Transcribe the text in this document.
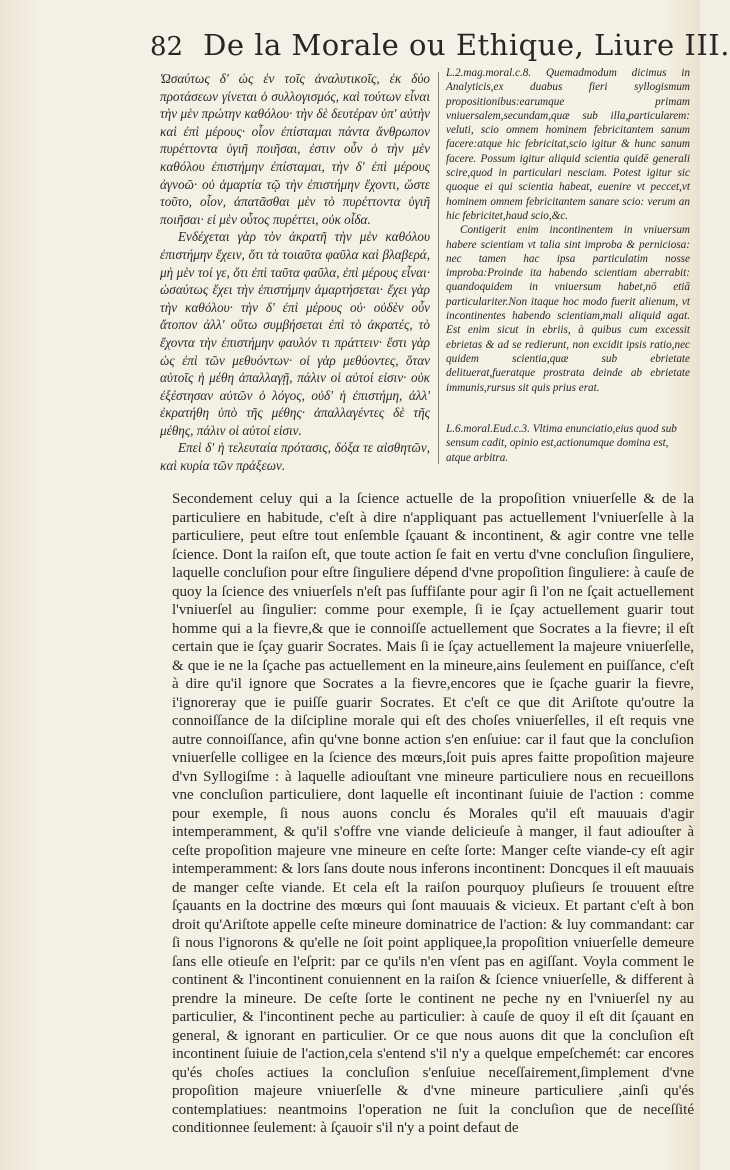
82 De la Morale ou Ethique, Liure III.

Ὡσαύτως δ' ὡς ἐν τοῖς ἀναλυτικοῖς, ἐκ δύο προτάσεων γίνεται ὁ συλλογισμός, καὶ τούτων εἶναι τὴν μὲν πρώτην καθόλου· τὴν δὲ δευτέραν ὑπ' αὐτὴν καὶ ἐπὶ μέρους· οἷον ἐπίσταμαι πάντα ἄνθρωπον πυρέττοντα ὑγιῆ ποιῆσαι, ἐστιν οὖν ὁ τὴν μὲν καθόλου ἐπιστήμην ἐπίσταμαι, τὴν δ' ἐπὶ μέρους ἀγνοῶ· οὐ ἁμαρτία τῷ τὴν ἐπιστήμην ἔχοντι, ὥστε τοῦτο, οἷον, ἀπατᾶσθαι μὲν τὸ πυρέττοντα ὑγιῆ ποιῆσαι· εἰ μὲν οὗτος πυρέττει, οὐκ οἶδα.

Ενδέχεται γὰρ τὸν ἀκρατῆ τὴν μὲν καθόλου ἐπιστήμην ἔχειν, ὅτι τὰ τοιαῦτα φαῦλα καὶ βλαβερά, μὴ μὲν τοί γε, ὅτι ἐπὶ ταῦτα φαῦλα, ἐπὶ μέρους εἶναι· ὡσαύτως ἔχει τὴν ἐπιστήμην ἁμαρτήσεται· ἔχει γὰρ τὴν καθόλου· τὴν δ' ἐπὶ μέρους οὐ· οὐδὲν οὖν ἄτοπον ἀλλ' οὕτω συμβήσεται ἐπὶ τὸ ἀκρατές, τὸ ἔχοντα τὴν ἐπιστήμην φαυλόν τι πράττειν· ἔστι γὰρ ὡς ἐπὶ τῶν μεθυόντων· οἱ γὰρ μεθύοντες, ὅταν αὐτοῖς ἡ μέθη ἀπαλλαγῇ, πάλιν οἱ αὐτοί εἰσιν· οὐκ ἐξέστησαν αὐτῶν ὁ λόγος, οὐδ' ἡ ἐπιστήμη, ἀλλ' ἐκρατήθη ὑπὸ τῆς μέθης· ἀπαλλαγέντες δὲ τῆς μέθης, πάλιν οἱ αὐτοί εἰσιν.

Επεὶ δ' ἡ τελευταία πρότασις, δόξα τε αἰσθητῶν, καὶ κυρία τῶν πράξεων.

L.2.mag.moral.c.8. Quemadmodum dicimus in Analyticis,ex duabus fieri syllogismum propositionibus:earumque primam vniuersalem,secundam,quæ sub illa,particularem: veluti, scio omnem hominem febricitantem sanum facere:atque hic febricitat,scio igitur & hunc sanum facere. Possum igitur aliquid scientia quidē generali scire,quod in particulari nesciam. Potest igitur sic quoque ei qui scientia habeat, euenire vt peccet,vt hominem omnem febricitantem sanare scio: verum an hic febricitet,haud scio,&c.

Contigerit enim incontinentem in vniuersum habere scientiam vt talia sint improba & perniciosa: nec tamen hac ipsa particulatim nosse improba:Proinde ita habendo scientiam aberrabit: quandoquidem in vniuersum habet,nō etiā particulariter.Non itaque hoc modo fuerit alienum, vt incontinentes habendo scientiam,mali aliquid agat. Est enim sicut in ebriis, à quibus cum excessit ebrietas & ad se redierunt, non excidit ipsis ratio,nec quidem scientia,quæ sub ebrietate delituerat,fueratque prostrata deinde ab ebrietate immunis,rursus sit quis prius erat.

L.6.moral.Eud.c.3. Vltima enunciatio,eius quod sub sensum cadit, opinio est,actionumque domina est, atque arbitra.

Secondement celuy qui a la ſcience actuelle de la propoſition vniuerſelle & de la particuliere en habitude, c'eſt à dire n'appliquant pas actuellement l'vniuerſelle à la particuliere, peut eſtre tout enſemble ſçauant & incontinent, & agir contre vne telle ſcience. Dont la raiſon eſt, que toute action ſe fait en vertu d'vne concluſion ſinguliere, laquelle concluſion pour eſtre ſinguliere dépend d'vne propoſition ſinguliere: à cauſe de quoy la ſcience des vniuerſels n'eſt pas ſuffiſante pour agir ſi l'on ne ſçait actuellement l'vniuerſel au ſingulier: comme pour exemple, ſi ie ſçay actuellement guarir tout homme qui a la fievre,& que ie connoiſſe actuellement que Socrates a la fievre; il eſt certain que ie ſçay guarir Socrates. Mais ſi ie ſçay actuellement la majeure vniuerſelle, & que ie ne la ſçache pas actuellement en la mineure,ains ſeulement en puiſſance, c'eſt à dire qu'il ignore que Socrates a la fievre,encores que ie ſçache guarir la fievre, i'ignoreray que ie puiſſe guarir Socrates. Et c'eſt ce que dit Ariſtote qu'outre la connoiſſance de la diſcipline morale qui eſt des choſes vniuerſelles, il eſt requis vne autre connoiſſance, afin qu'vne bonne action s'en enſuiue: car il faut que la concluſion vniuerſelle colligee en la ſcience des mœurs,ſoit puis apres faitte propoſition majeure d'vn Syllogiſme : à laquelle adiouſtant vne mineure particuliere nous en recueillons vne concluſion particuliere, dont laquelle eſt incontinant ſuiuie de l'action : comme pour exemple, ſi nous auons conclu és Morales qu'il eſt mauuais d'agir intemperamment, & qu'il s'offre vne viande delicieuſe à manger, il faut adiouſter à ceſte propoſition majeure vne mineure en ceſte ſorte: Manger ceſte viande-cy eſt agir intemperamment: & lors ſans doute nous inferons incontinent: Doncques il eſt mauuais de manger ceſte viande. Et cela eſt la raiſon pourquoy pluſieurs ſe trouuent eſtre ſçauants en la doctrine des mœurs qui ſont mauuais & vicieux. Et partant c'eſt à bon droit qu'Ariſtote appelle ceſte mineure dominatrice de l'action: & luy commandant: car ſi nous l'ignorons & qu'elle ne ſoit point appliquee,la propoſition vniuerſelle demeure ſans elle otieuſe en l'eſprit: par ce qu'ils n'en vſent pas en agiſſant. Voyla comment le continent & l'incontinent conuiennent en la raiſon & ſcience vniuerſelle, & different à prendre la mineure. De ceſte ſorte le continent ne peche ny en l'vniuerſel ny au particulier, & l'incontinent peche au particulier: à cauſe de quoy il eſt dit ſçauant en general, & ignorant en particulier. Or ce que nous auons dit que la concluſion eſt incontinent ſuiuie de l'action,cela s'entend s'il n'y a quelque empeſchemét: car encores qu'és choſes actiues la concluſion s'enſuiue neceſſairement,ſimplement d'vne propoſition majeure vniuerſelle & d'vne mineure particuliere ,ainſi qu'és contemplatiues: neantmoins l'operation ne ſuit la concluſion que de neceſſité conditionnee ſeulement: à ſçauoir s'il n'y a point defaut de
